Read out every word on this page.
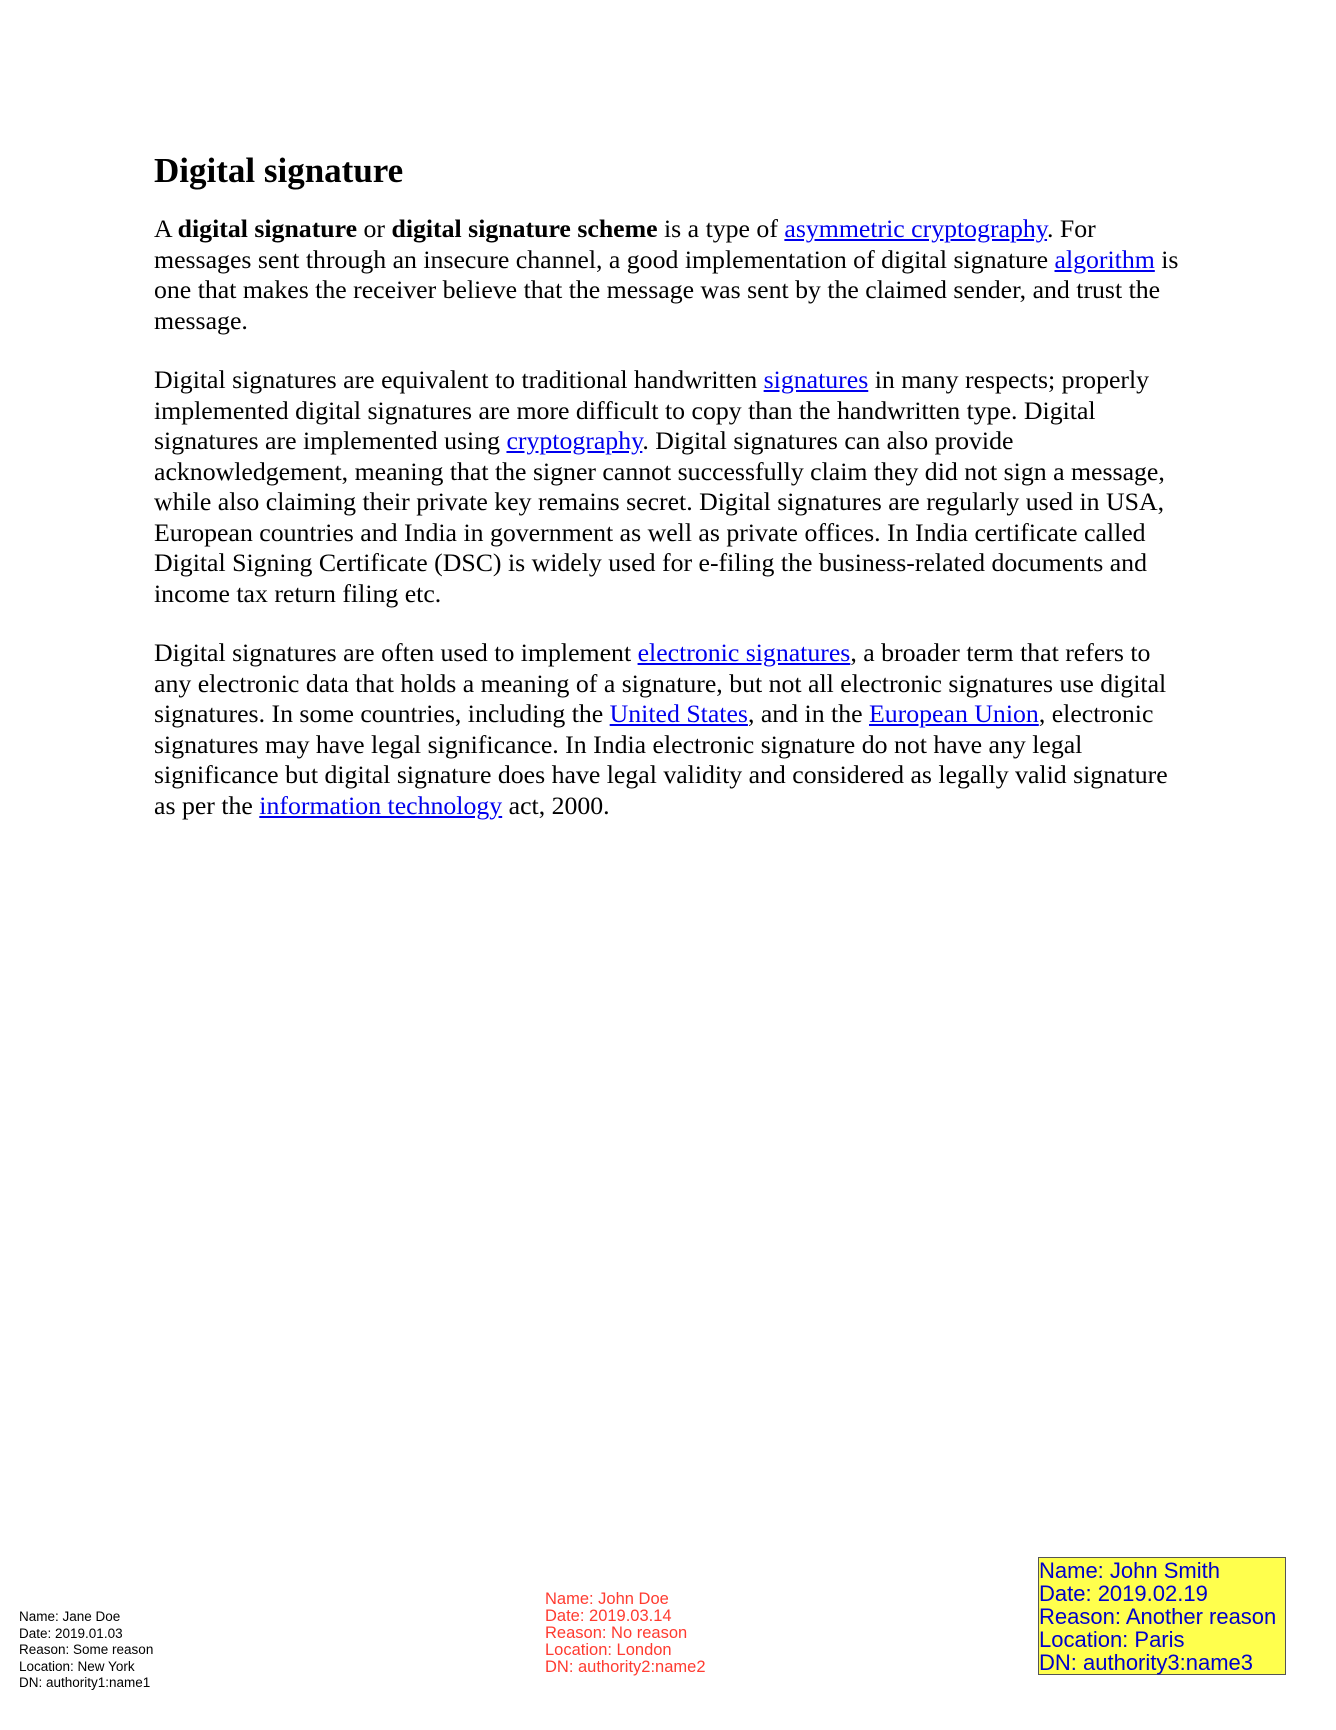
Digital signature

A digital signature or digital signature scheme is a type of asymmetric cryptography. For messages sent through an insecure channel, a good implementation of digital signature algorithm is one that makes the receiver believe that the message was sent by the claimed sender, and trust the message.

Digital signatures are equivalent to traditional handwritten signatures in many respects; properly implemented digital signatures are more difficult to copy than the handwritten type. Digital signatures are implemented using cryptography. Digital signatures can also provide acknowledgement, meaning that the signer cannot successfully claim they did not sign a message, while also claiming their private key remains secret. Digital signatures are regularly used in USA, European countries and India in government as well as private offices. In India certificate called Digital Signing Certificate (DSC) is widely used for e-filing the business-related documents and income tax return filing etc.

Digital signatures are often used to implement electronic signatures, a broader term that refers to any electronic data that holds a meaning of a signature, but not all electronic signatures use digital signatures. In some countries, including the United States, and in the European Union, electronic signatures may have legal significance. In India electronic signature do not have any legal significance but digital signature does have legal validity and considered as legally valid signature as per the information technology act, 2000.

Name: Jane Doe
Date: 2019.01.03
Reason: Some reason
Location: New York
DN: authority1:name1
Name: John Doe
Date: 2019.03.14
Reason: No reason
Location: London
DN: authority2:name2
Name: John Smith
Date: 2019.02.19
Reason: Another reason
Location: Paris
DN: authority3:name3
